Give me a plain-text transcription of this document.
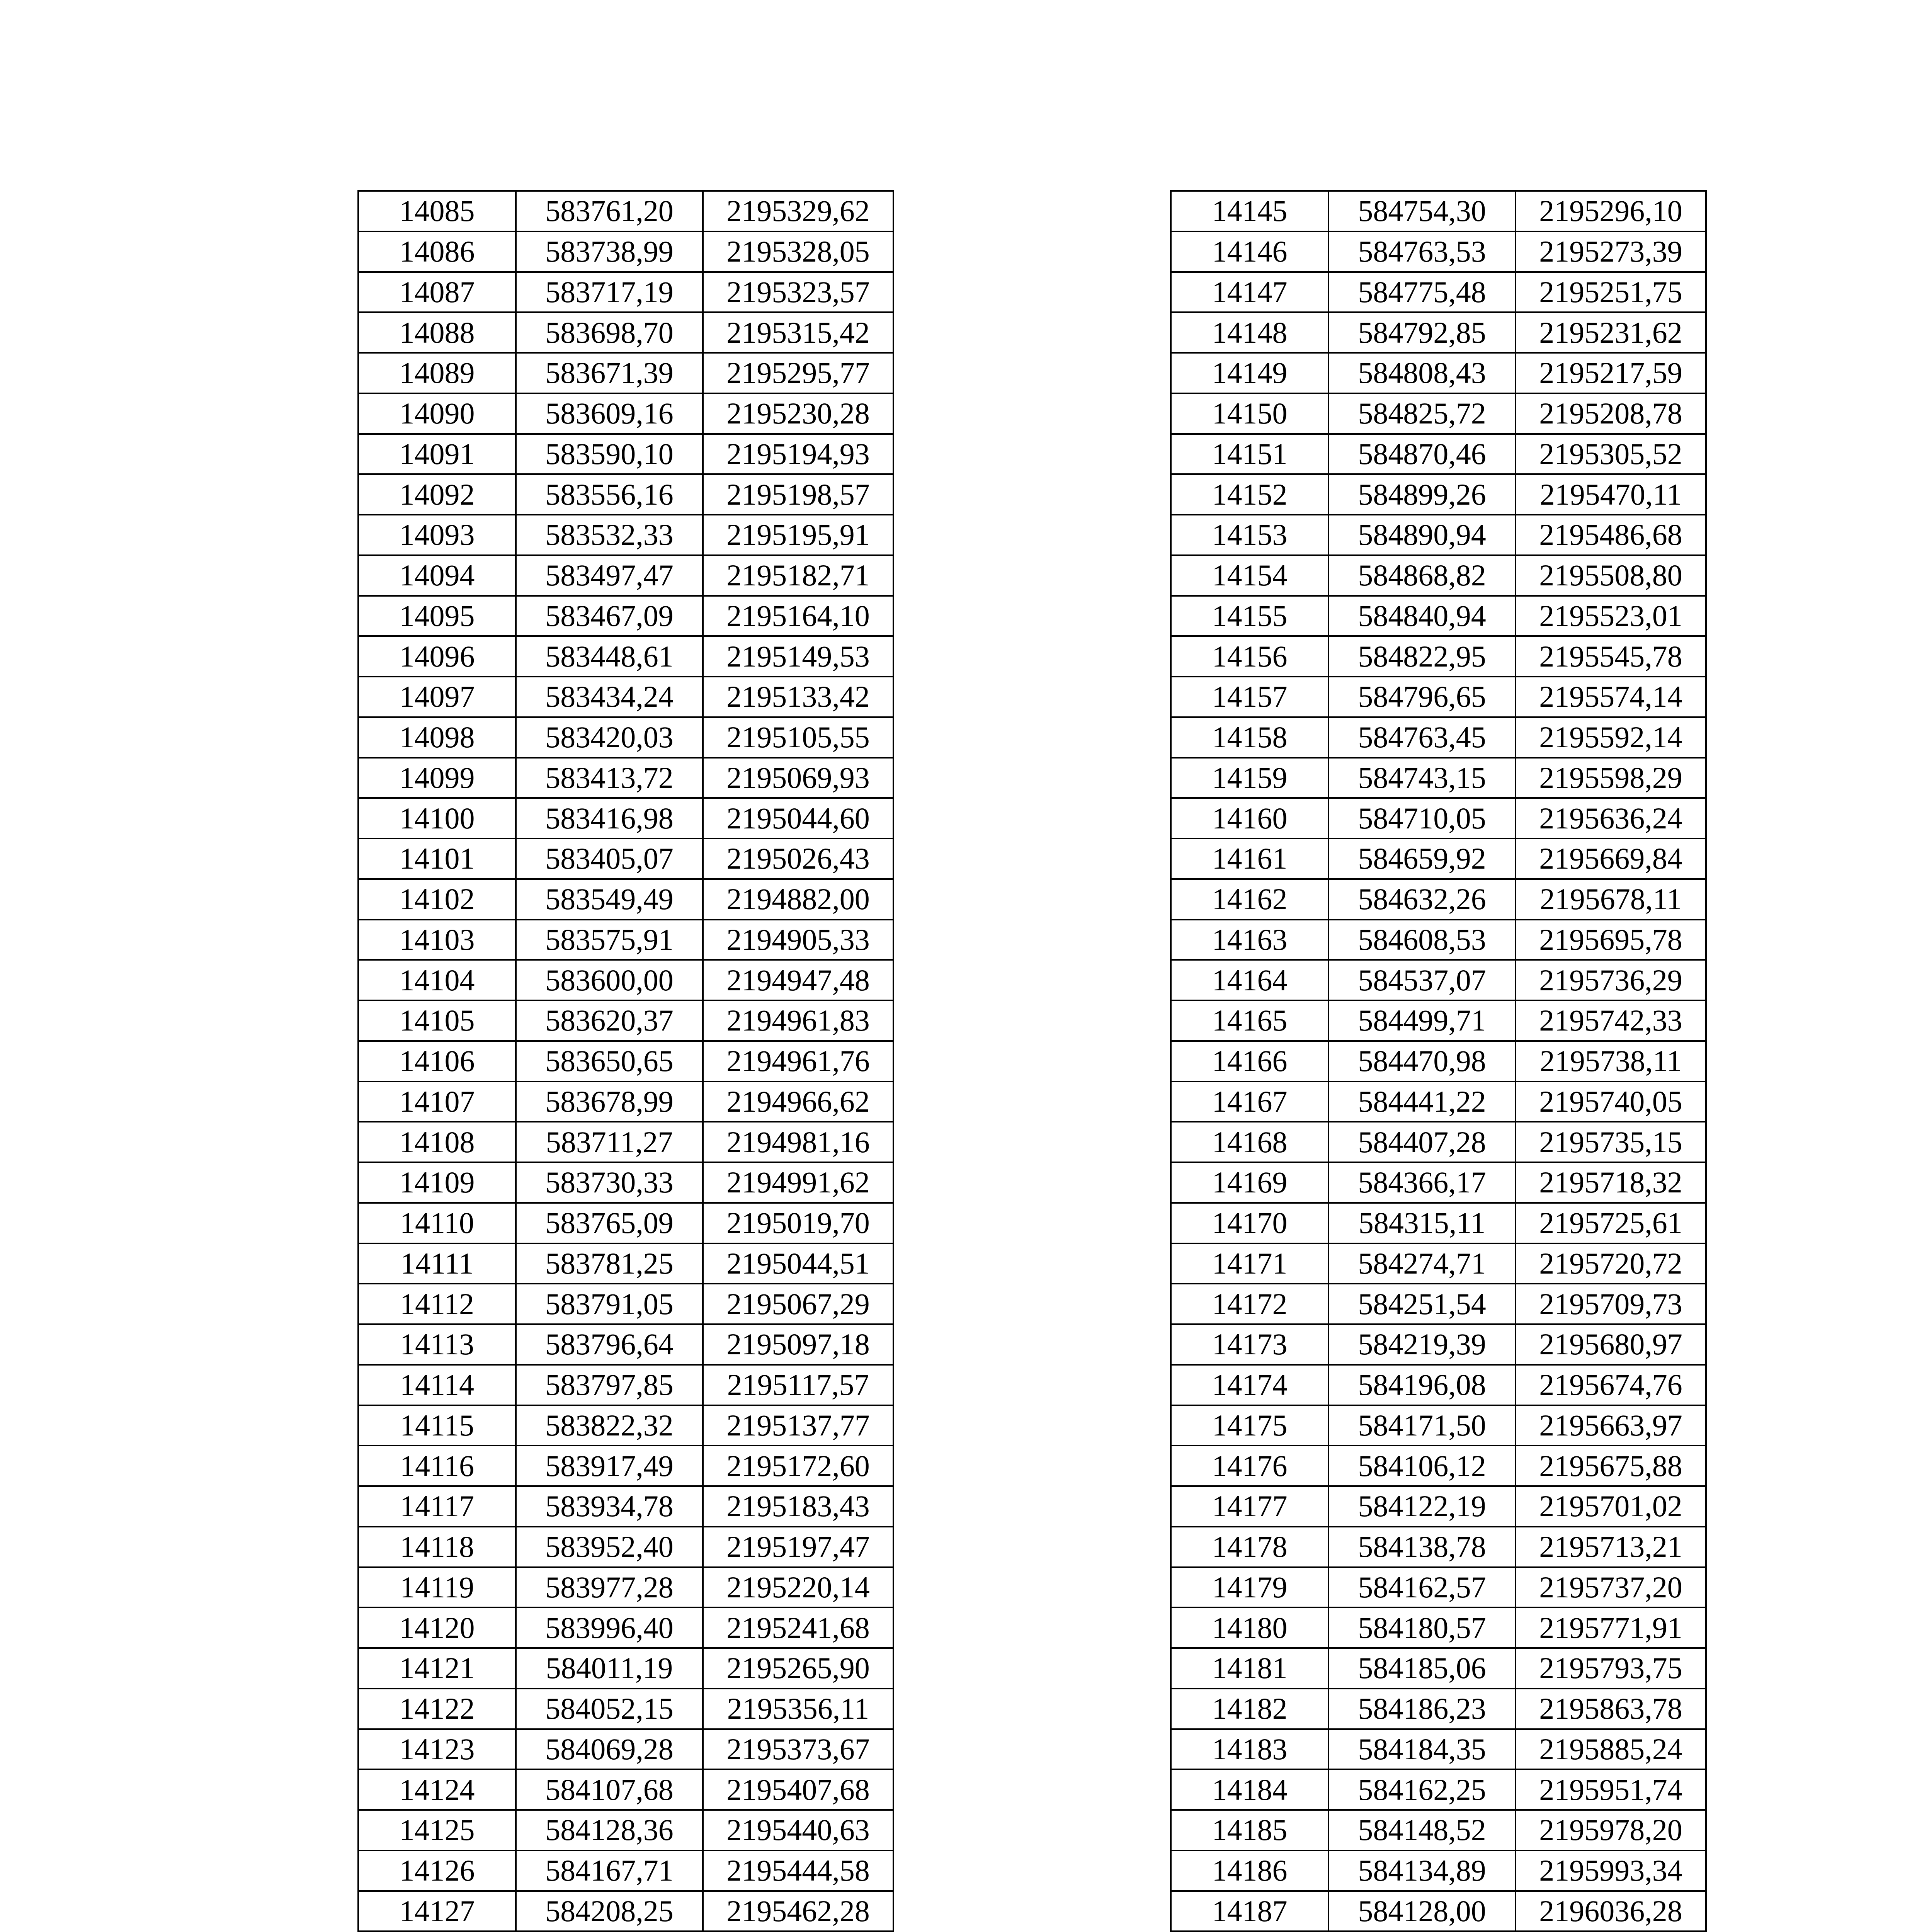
14085	583761,20	2195329,62
14086	583738,99	2195328,05
14087	583717,19	2195323,57
14088	583698,70	2195315,42
14089	583671,39	2195295,77
14090	583609,16	2195230,28
14091	583590,10	2195194,93
14092	583556,16	2195198,57
14093	583532,33	2195195,91
14094	583497,47	2195182,71
14095	583467,09	2195164,10
14096	583448,61	2195149,53
14097	583434,24	2195133,42
14098	583420,03	2195105,55
14099	583413,72	2195069,93
14100	583416,98	2195044,60
14101	583405,07	2195026,43
14102	583549,49	2194882,00
14103	583575,91	2194905,33
14104	583600,00	2194947,48
14105	583620,37	2194961,83
14106	583650,65	2194961,76
14107	583678,99	2194966,62
14108	583711,27	2194981,16
14109	583730,33	2194991,62
14110	583765,09	2195019,70
14111	583781,25	2195044,51
14112	583791,05	2195067,29
14113	583796,64	2195097,18
14114	583797,85	2195117,57
14115	583822,32	2195137,77
14116	583917,49	2195172,60
14117	583934,78	2195183,43
14118	583952,40	2195197,47
14119	583977,28	2195220,14
14120	583996,40	2195241,68
14121	584011,19	2195265,90
14122	584052,15	2195356,11
14123	584069,28	2195373,67
14124	584107,68	2195407,68
14125	584128,36	2195440,63
14126	584167,71	2195444,58
14127	584208,25	2195462,28

14145	584754,30	2195296,10
14146	584763,53	2195273,39
14147	584775,48	2195251,75
14148	584792,85	2195231,62
14149	584808,43	2195217,59
14150	584825,72	2195208,78
14151	584870,46	2195305,52
14152	584899,26	2195470,11
14153	584890,94	2195486,68
14154	584868,82	2195508,80
14155	584840,94	2195523,01
14156	584822,95	2195545,78
14157	584796,65	2195574,14
14158	584763,45	2195592,14
14159	584743,15	2195598,29
14160	584710,05	2195636,24
14161	584659,92	2195669,84
14162	584632,26	2195678,11
14163	584608,53	2195695,78
14164	584537,07	2195736,29
14165	584499,71	2195742,33
14166	584470,98	2195738,11
14167	584441,22	2195740,05
14168	584407,28	2195735,15
14169	584366,17	2195718,32
14170	584315,11	2195725,61
14171	584274,71	2195720,72
14172	584251,54	2195709,73
14173	584219,39	2195680,97
14174	584196,08	2195674,76
14175	584171,50	2195663,97
14176	584106,12	2195675,88
14177	584122,19	2195701,02
14178	584138,78	2195713,21
14179	584162,57	2195737,20
14180	584180,57	2195771,91
14181	584185,06	2195793,75
14182	584186,23	2195863,78
14183	584184,35	2195885,24
14184	584162,25	2195951,74
14185	584148,52	2195978,20
14186	584134,89	2195993,34
14187	584128,00	2196036,28
